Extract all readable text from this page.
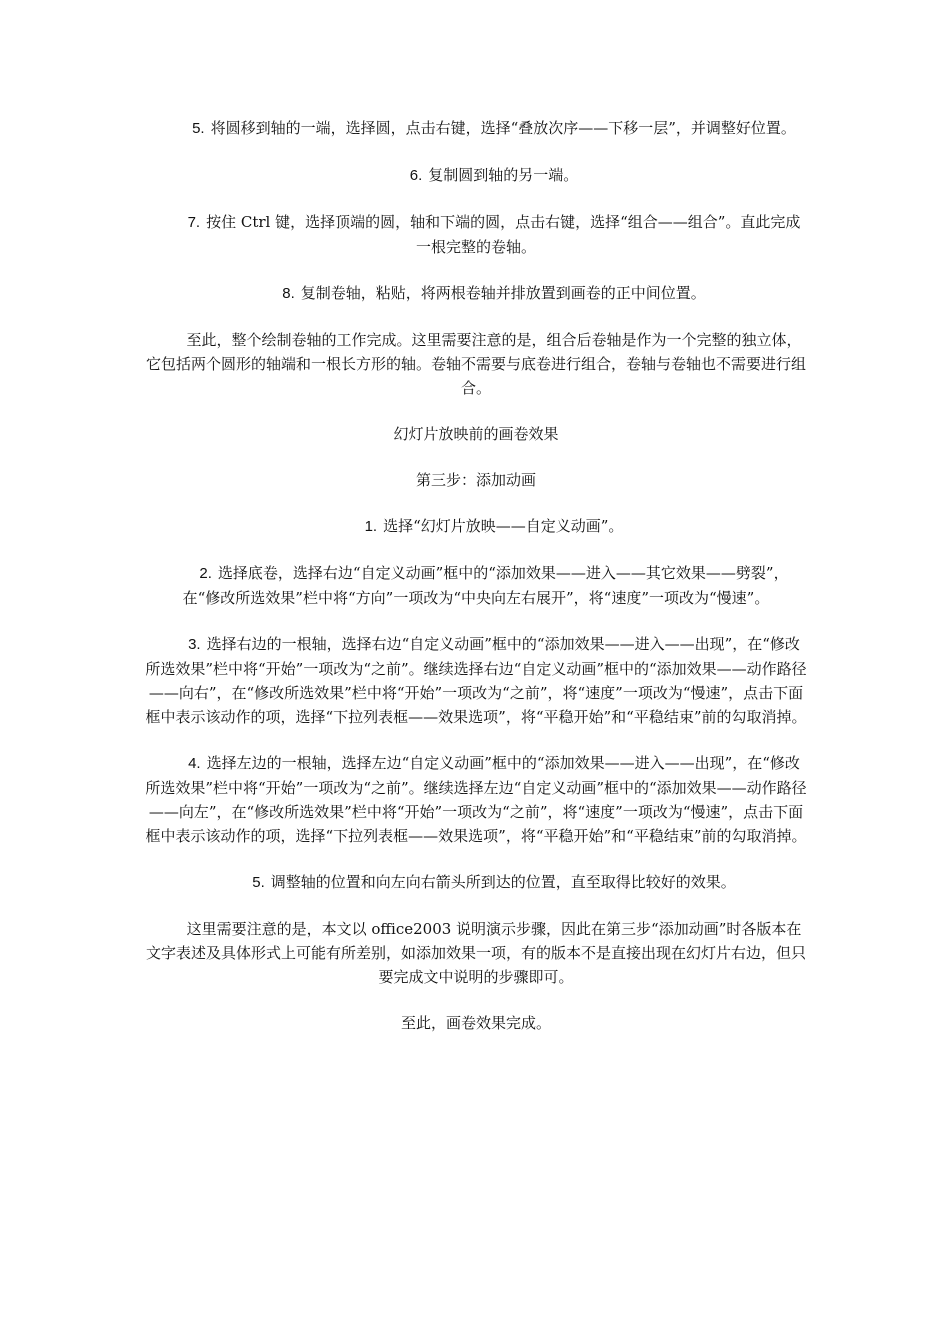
5. 将圆移到轴的一端，选择圆，点击右键，选择“叠放次序——下移一层”，并调整好位置。

6. 复制圆到轴的另一端。

7. 按住 Ctrl 键，选择顶端的圆，轴和下端的圆，点击右键，选择“组合——组合”。直此完成一根完整的卷轴。

8. 复制卷轴，粘贴，将两根卷轴并排放置到画卷的正中间位置。

至此，整个绘制卷轴的工作完成。这里需要注意的是，组合后卷轴是作为一个完整的独立体，它包括两个圆形的轴端和一根长方形的轴。卷轴不需要与底卷进行组合，卷轴与卷轴也不需要进行组合。

幻灯片放映前的画卷效果

第三步：添加动画

1. 选择“幻灯片放映——自定义动画”。

2. 选择底卷，选择右边“自定义动画”框中的“添加效果——进入——其它效果——劈裂”，在“修改所选效果”栏中将“方向”一项改为“中央向左右展开”，将“速度”一项改为“慢速”。

3. 选择右边的一根轴，选择右边“自定义动画”框中的“添加效果——进入——出现”，在“修改所选效果”栏中将“开始”一项改为“之前”。继续选择右边“自定义动画”框中的“添加效果——动作路径——向右”，在“修改所选效果”栏中将“开始”一项改为“之前”，将“速度”一项改为“慢速”，点击下面框中表示该动作的项，选择“下拉列表框——效果选项”，将“平稳开始”和“平稳结束”前的勾取消掉。

4. 选择左边的一根轴，选择左边“自定义动画”框中的“添加效果——进入——出现”，在“修改所选效果”栏中将“开始”一项改为“之前”。继续选择左边“自定义动画”框中的“添加效果——动作路径——向左”，在“修改所选效果”栏中将“开始”一项改为“之前”，将“速度”一项改为“慢速”，点击下面框中表示该动作的项，选择“下拉列表框——效果选项”，将“平稳开始”和“平稳结束”前的勾取消掉。

5. 调整轴的位置和向左向右箭头所到达的位置，直至取得比较好的效果。

这里需要注意的是，本文以 office2003 说明演示步骤，因此在第三步“添加动画”时各版本在文字表述及具体形式上可能有所差别，如添加效果一项，有的版本不是直接出现在幻灯片右边，但只要完成文中说明的步骤即可。

至此，画卷效果完成。
